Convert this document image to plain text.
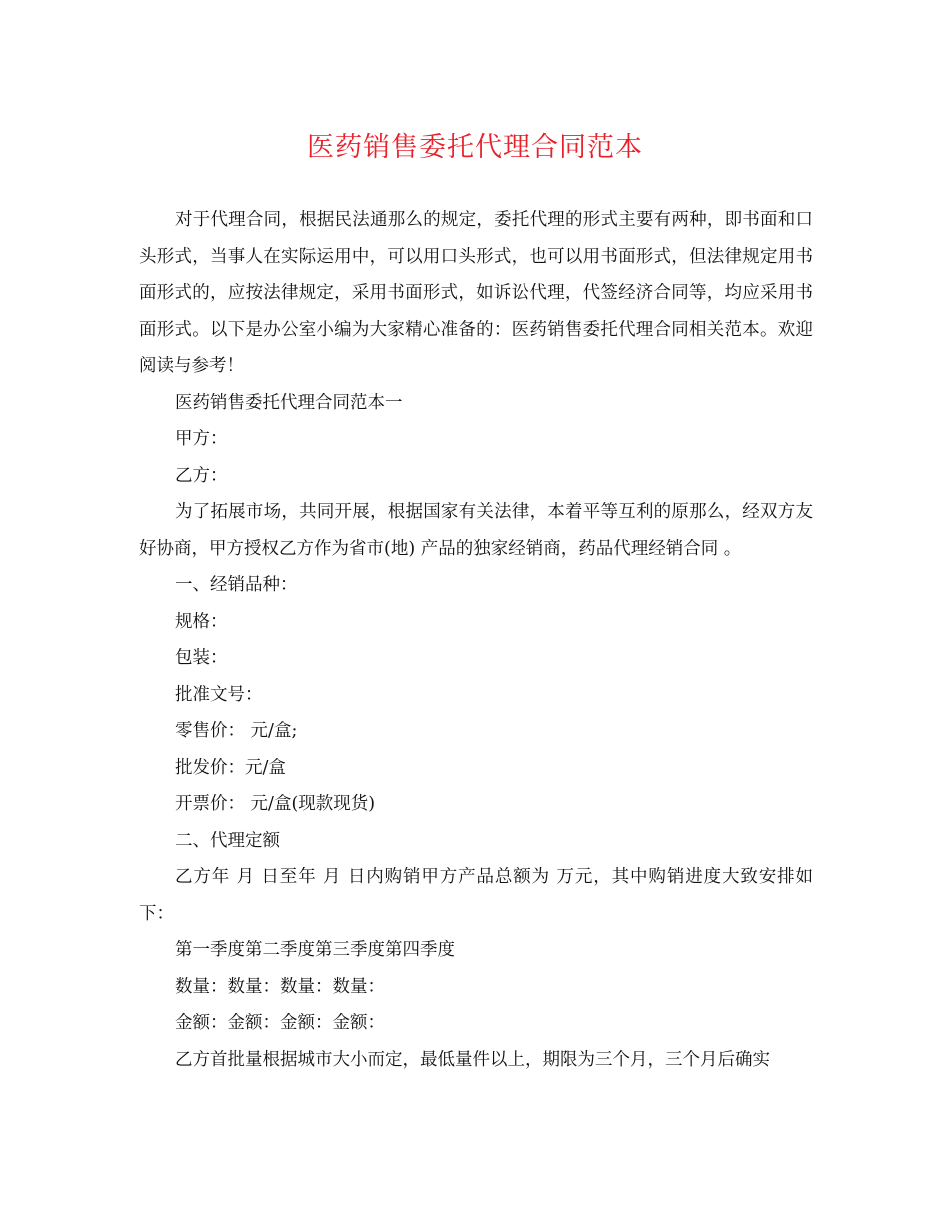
医药销售委托代理合同范本

对于代理合同，根据民法通那么的规定，委托代理的形式主要有两种，即书面和口头形式，当事人在实际运用中，可以用口头形式，也可以用书面形式，但法律规定用书面形式的，应按法律规定，采用书面形式，如诉讼代理，代签经济合同等，均应采用书面形式。以下是办公室小编为大家精心准备的：医药销售委托代理合同相关范本。欢迎阅读与参考！

医药销售委托代理合同范本一

甲方：

乙方：

为了拓展市场，共同开展，根据国家有关法律，本着平等互利的原那么，经双方友好协商，甲方授权乙方作为省市(地) 产品的独家经销商，药品代理经销合同 。

一、经销品种：

规格：

包装：

批准文号：

零售价： 元/盒;

批发价：元/盒

开票价： 元/盒(现款现货)

二、代理定额

乙方年 月 日至年 月 日内购销甲方产品总额为 万元，其中购销进度大致安排如下：

第一季度第二季度第三季度第四季度

数量：数量：数量：数量：

金额：金额：金额：金额：

乙方首批量根据城市大小而定，最低量件以上，期限为三个月，三个月后确实
